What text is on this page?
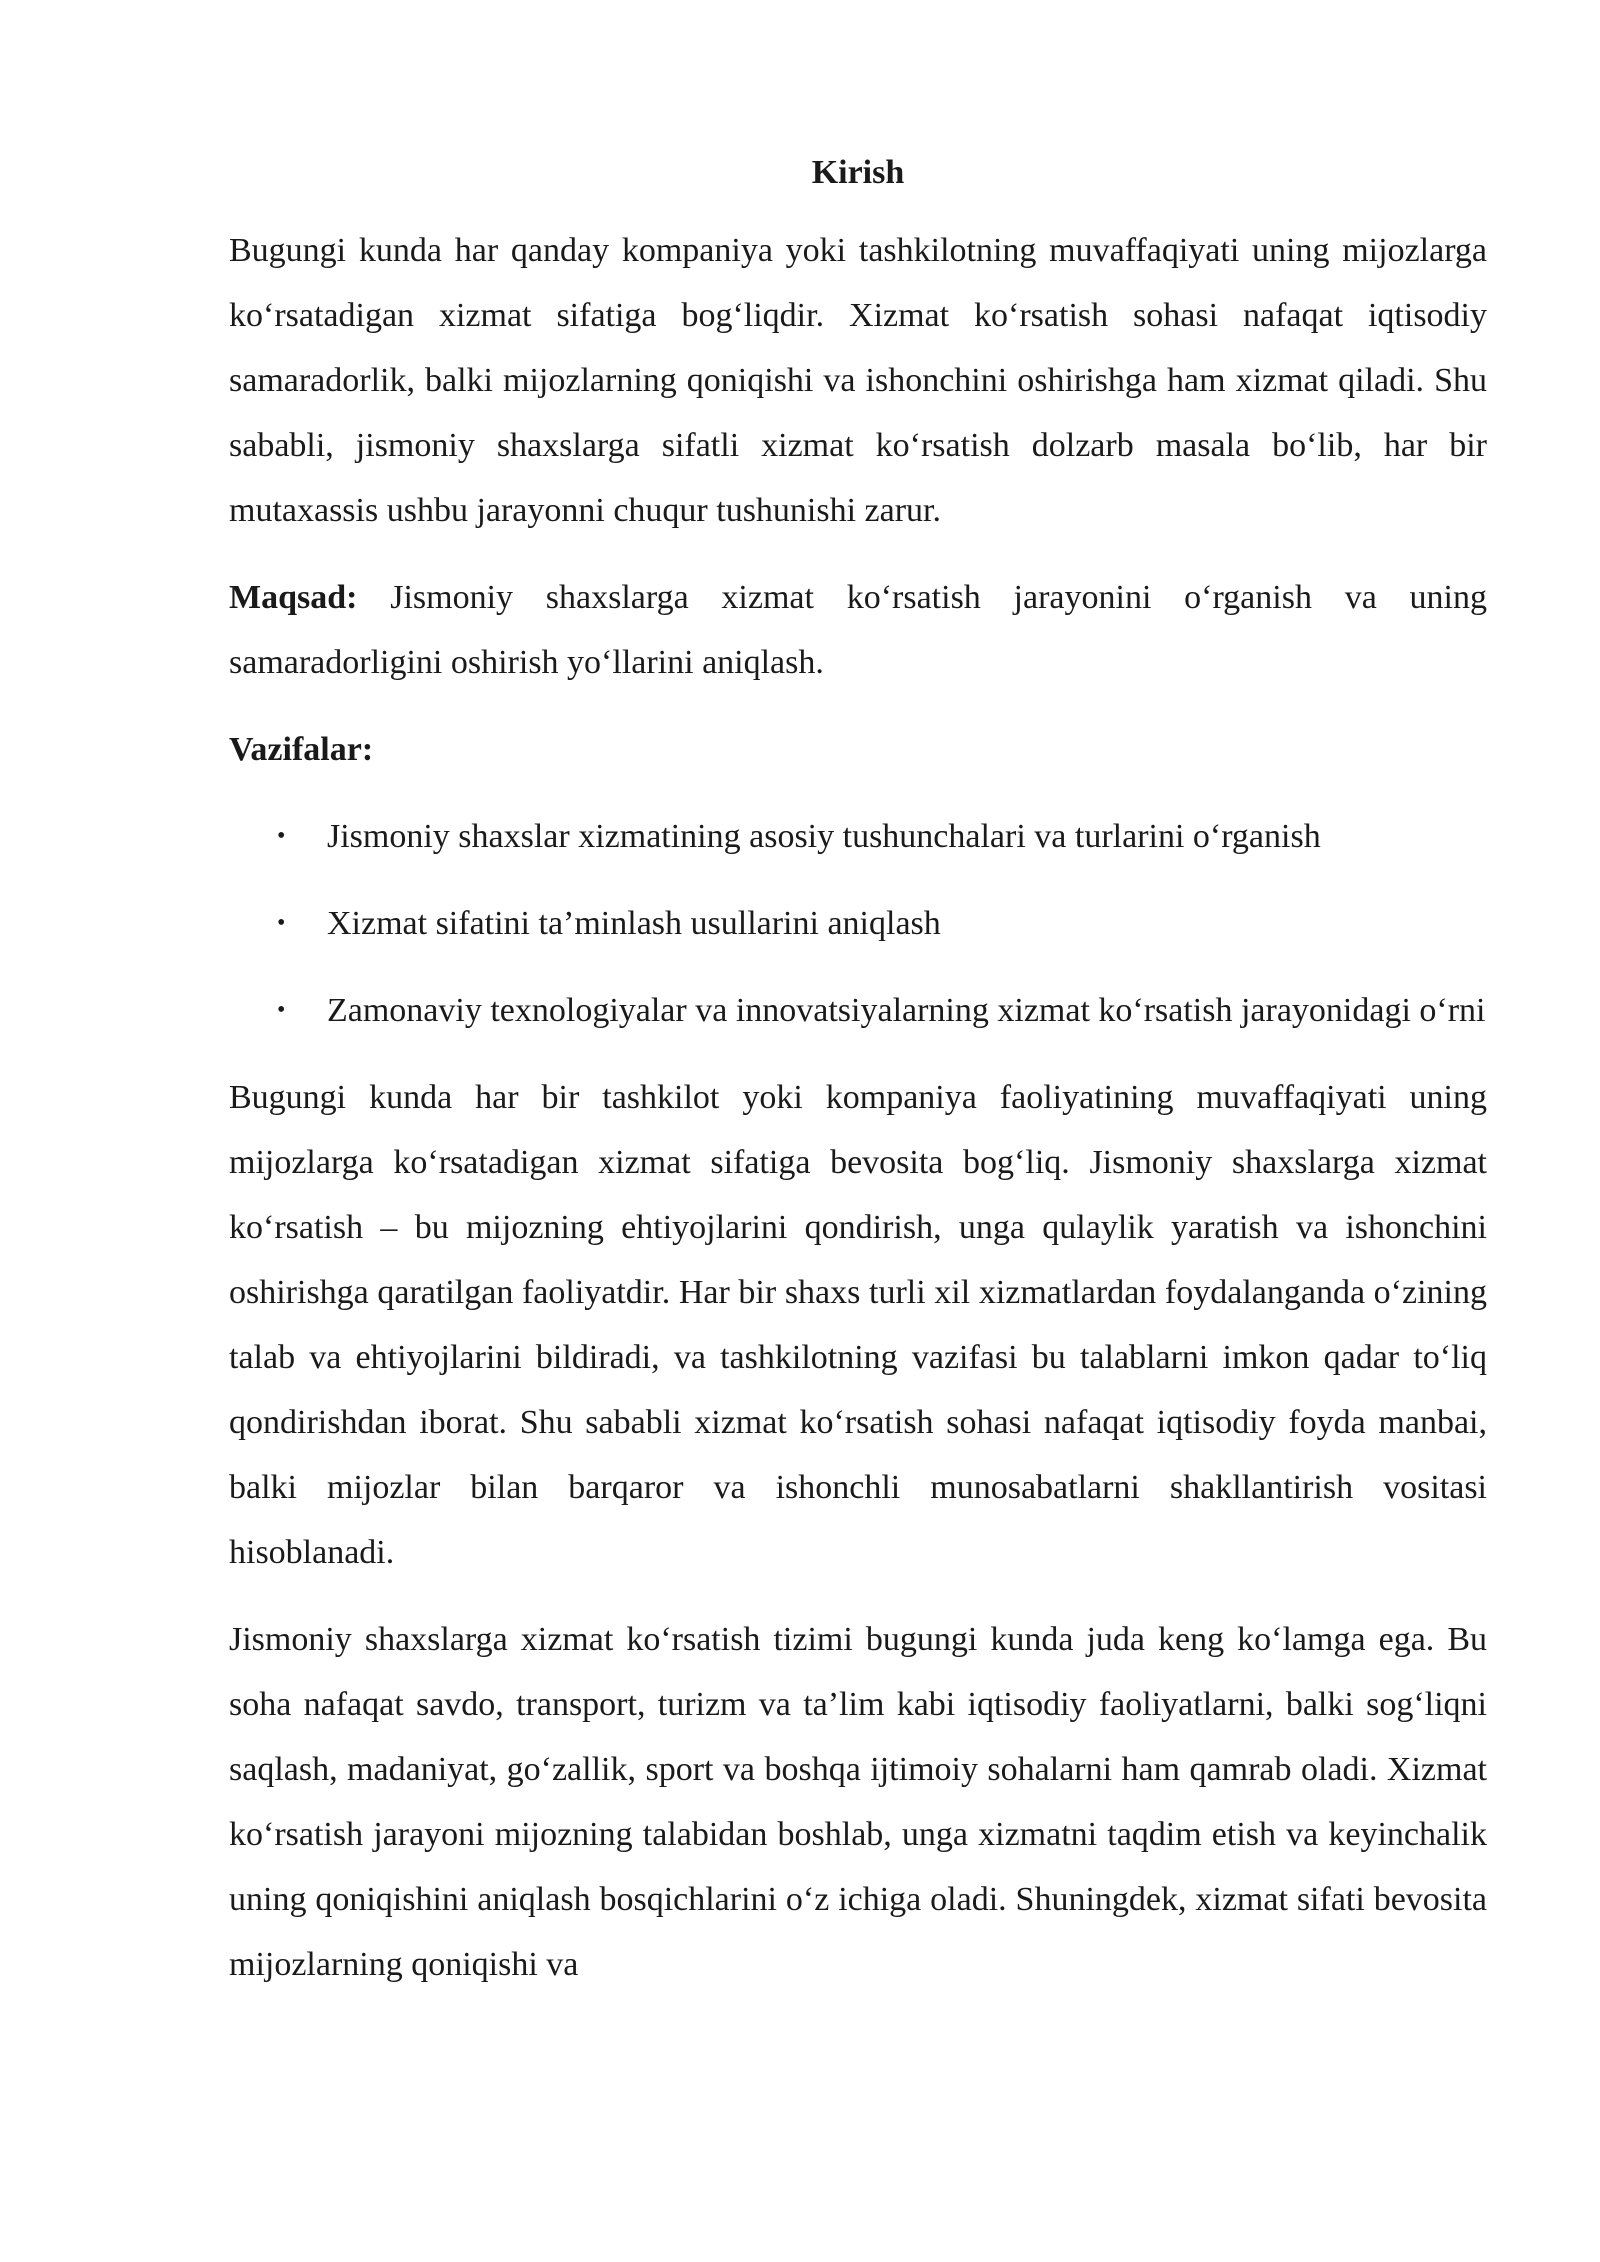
Kirish

Bugungi kunda har qanday kompaniya yoki tashkilotning muvaffaqiyati uning mijozlarga ko‘rsatadigan xizmat sifatiga bog‘liqdir. Xizmat ko‘rsatish sohasi nafaqat iqtisodiy samaradorlik, balki mijozlarning qoniqishi va ishonchini oshirishga ham xizmat qiladi. Shu sababli, jismoniy shaxslarga sifatli xizmat ko‘rsatish dolzarb masala bo‘lib, har bir mutaxassis ushbu jarayonni chuqur tushunishi zarur.

Maqsad: Jismoniy shaxslarga xizmat ko‘rsatish jarayonini o‘rganish va uning samaradorligini oshirish yo‘llarini aniqlash.

Vazifalar:
• Jismoniy shaxslar xizmatining asosiy tushunchalari va turlarini o‘rganish
• Xizmat sifatini ta’minlash usullarini aniqlash
• Zamonaviy texnologiyalar va innovatsiyalarning xizmat ko‘rsatish jarayonidagi o‘rni

Bugungi kunda har bir tashkilot yoki kompaniya faoliyatining muvaffaqiyati uning mijozlarga ko‘rsatadigan xizmat sifatiga bevosita bog‘liq. Jismoniy shaxslarga xizmat ko‘rsatish – bu mijozning ehtiyojlarini qondirish, unga qulaylik yaratish va ishonchini oshirishga qaratilgan faoliyatdir. Har bir shaxs turli xil xizmatlardan foydalanganda o‘zining talab va ehtiyojlarini bildiradi, va tashkilotning vazifasi bu talablarni imkon qadar to‘liq qondirishdan iborat. Shu sababli xizmat ko‘rsatish sohasi nafaqat iqtisodiy foyda manbai, balki mijozlar bilan barqaror va ishonchli munosabatlarni shakllantirish vositasi hisoblanadi.

Jismoniy shaxslarga xizmat ko‘rsatish tizimi bugungi kunda juda keng ko‘lamga ega. Bu soha nafaqat savdo, transport, turizm va ta’lim kabi iqtisodiy faoliyatlarni, balki sog‘liqni saqlash, madaniyat, go‘zallik, sport va boshqa ijtimoiy sohalarni ham qamrab oladi. Xizmat ko‘rsatish jarayoni mijozning talabidan boshlab, unga xizmatni taqdim etish va keyinchalik uning qoniqishini aniqlash bosqichlarini o‘z ichiga oladi. Shuningdek, xizmat sifati bevosita mijozlarning qoniqishi va
